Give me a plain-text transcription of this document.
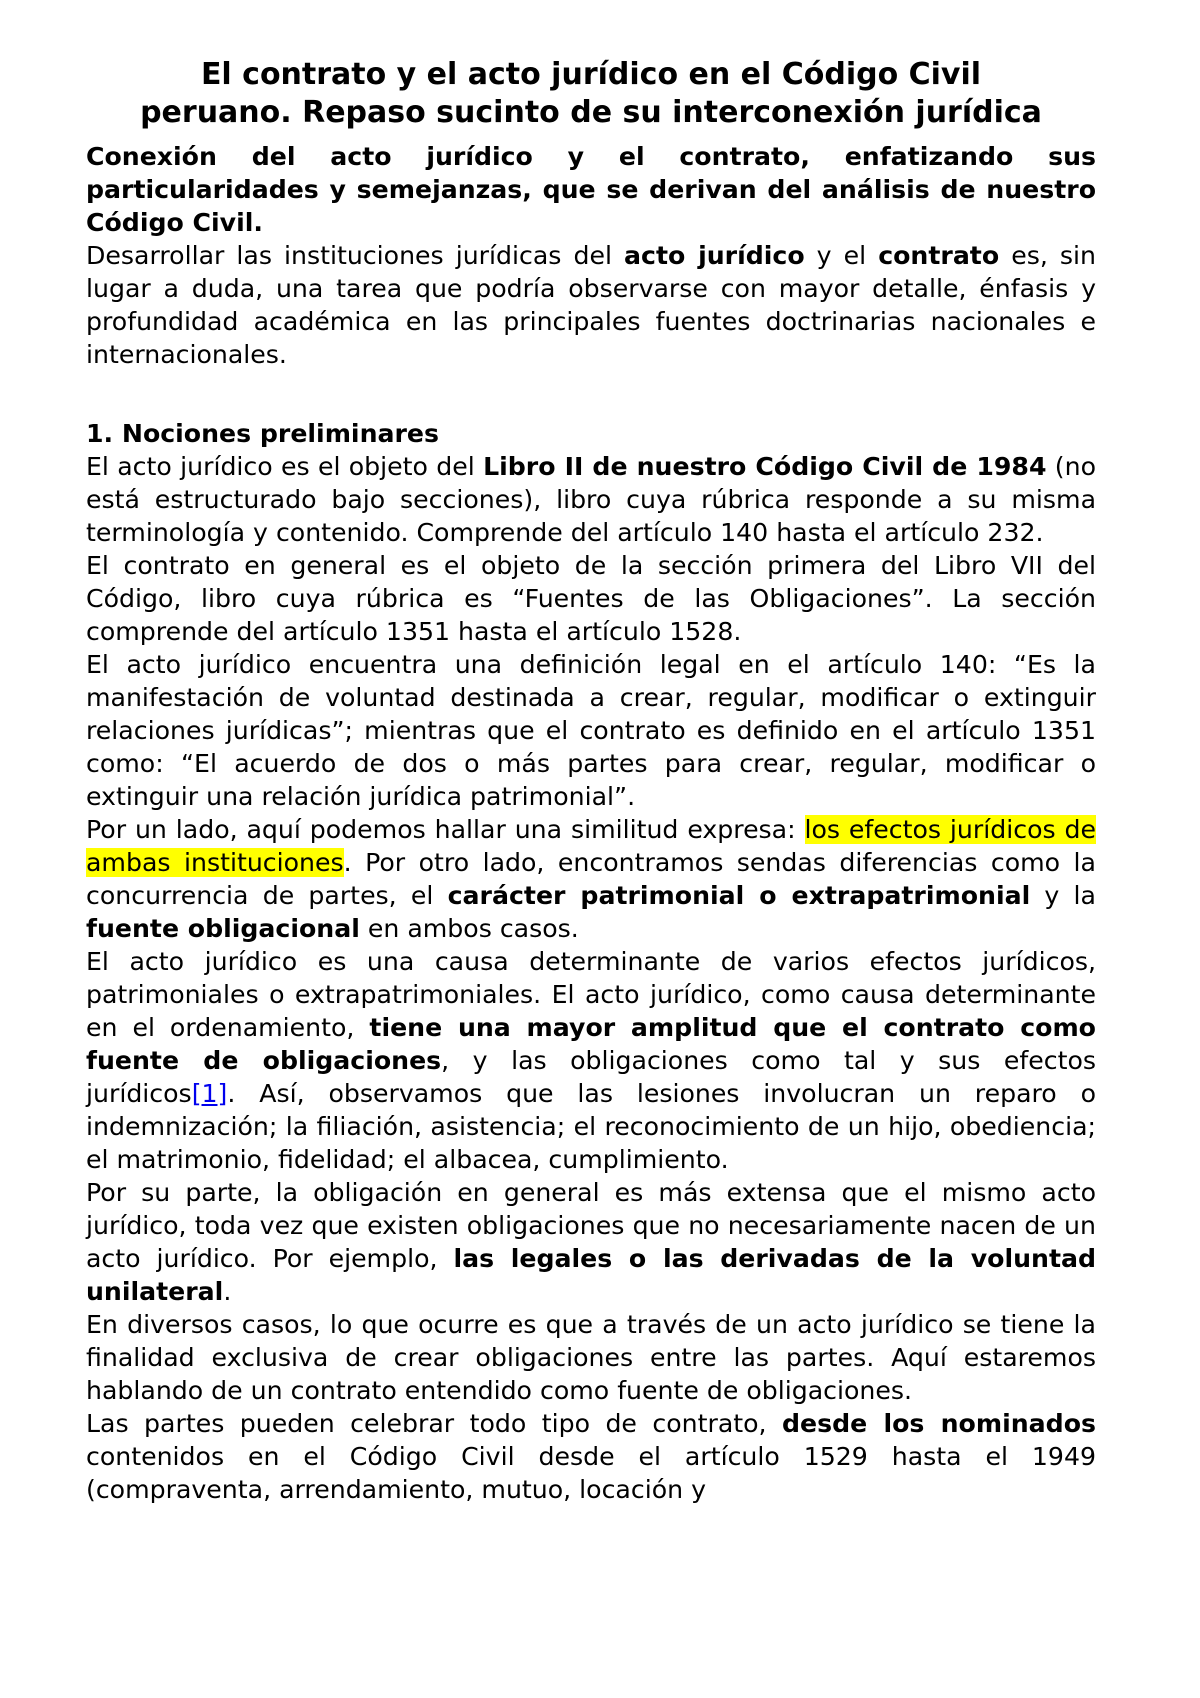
El contrato y el acto jurídico en el Código Civil
peruano. Repaso sucinto de su interconexión jurídica

Conexión del acto jurídico y el contrato, enfatizando sus particularidades y semejanzas, que se derivan del análisis de nuestro Código Civil.

Desarrollar las instituciones jurídicas del acto jurídico y el contrato es, sin lugar a duda, una tarea que podría observarse con mayor detalle, énfasis y profundidad académica en las principales fuentes doctrinarias nacionales e internacionales.

1. Nociones preliminares

El acto jurídico es el objeto del Libro II de nuestro Código Civil de 1984 (no está estructurado bajo secciones), libro cuya rúbrica responde a su misma terminología y contenido. Comprende del artículo 140 hasta el artículo 232.

El contrato en general es el objeto de la sección primera del Libro VII del Código, libro cuya rúbrica es “Fuentes de las Obligaciones”. La sección comprende del artículo 1351 hasta el artículo 1528.

El acto jurídico encuentra una definición legal en el artículo 140: “Es la manifestación de voluntad destinada a crear, regular, modificar o extinguir relaciones jurídicas”; mientras que el contrato es definido en el artículo 1351 como: “El acuerdo de dos o más partes para crear, regular, modificar o extinguir una relación jurídica patrimonial”.

Por un lado, aquí podemos hallar una similitud expresa: los efectos jurídicos de ambas instituciones. Por otro lado, encontramos sendas diferencias como la concurrencia de partes, el carácter patrimonial o extrapatrimonial y la fuente obligacional en ambos casos.

El acto jurídico es una causa determinante de varios efectos jurídicos, patrimoniales o extrapatrimoniales. El acto jurídico, como causa determinante en el ordenamiento, tiene una mayor amplitud que el contrato como fuente de obligaciones, y las obligaciones como tal y sus efectos jurídicos[1]. Así, observamos que las lesiones involucran un reparo o indemnización; la filiación, asistencia; el reconocimiento de un hijo, obediencia; el matrimonio, fidelidad; el albacea, cumplimiento.

Por su parte, la obligación en general es más extensa que el mismo acto jurídico, toda vez que existen obligaciones que no necesariamente nacen de un acto jurídico. Por ejemplo, las legales o las derivadas de la voluntad unilateral.

En diversos casos, lo que ocurre es que a través de un acto jurídico se tiene la finalidad exclusiva de crear obligaciones entre las partes. Aquí estaremos hablando de un contrato entendido como fuente de obligaciones.

Las partes pueden celebrar todo tipo de contrato, desde los nominados contenidos en el Código Civil desde el artículo 1529 hasta el 1949 (compraventa, arrendamiento, mutuo, locación y
